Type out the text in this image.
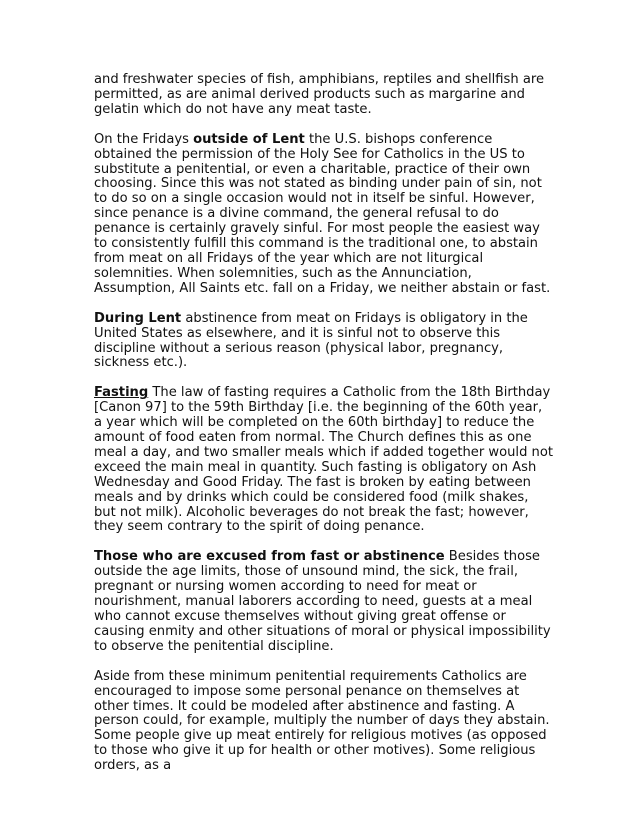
and freshwater species of fish, amphibians, reptiles and shellfish are permitted, as are animal derived products such as margarine and gelatin which do not have any meat taste.

On the Fridays outside of Lent the U.S. bishops conference obtained the permission of the Holy See for Catholics in the US to substitute a penitential, or even a charitable, practice of their own choosing. Since this was not stated as binding under pain of sin, not to do so on a single occasion would not in itself be sinful. However, since penance is a divine command, the general refusal to do penance is certainly gravely sinful. For most people the easiest way to consistently fulfill this command is the traditional one, to abstain from meat on all Fridays of the year which are not liturgical solemnities. When solemnities, such as the Annunciation, Assumption, All Saints etc. fall on a Friday, we neither abstain or fast.

During Lent abstinence from meat on Fridays is obligatory in the United States as elsewhere, and it is sinful not to observe this discipline without a serious reason (physical labor, pregnancy, sickness etc.).

Fasting The law of fasting requires a Catholic from the 18th Birthday [Canon 97] to the 59th Birthday [i.e. the beginning of the 60th year, a year which will be completed on the 60th birthday] to reduce the amount of food eaten from normal. The Church defines this as one meal a day, and two smaller meals which if added together would not exceed the main meal in quantity. Such fasting is obligatory on Ash Wednesday and Good Friday. The fast is broken by eating between meals and by drinks which could be considered food (milk shakes, but not milk). Alcoholic beverages do not break the fast; however, they seem contrary to the spirit of doing penance.

Those who are excused from fast or abstinence Besides those outside the age limits, those of unsound mind, the sick, the frail, pregnant or nursing women according to need for meat or nourishment, manual laborers according to need, guests at a meal who cannot excuse themselves without giving great offense or causing enmity and other situations of moral or physical impossibility to observe the penitential discipline.

Aside from these minimum penitential requirements Catholics are encouraged to impose some personal penance on themselves at other times. It could be modeled after abstinence and fasting. A person could, for example, multiply the number of days they abstain. Some people give up meat entirely for religious motives (as opposed to those who give it up for health or other motives). Some religious orders, as a
